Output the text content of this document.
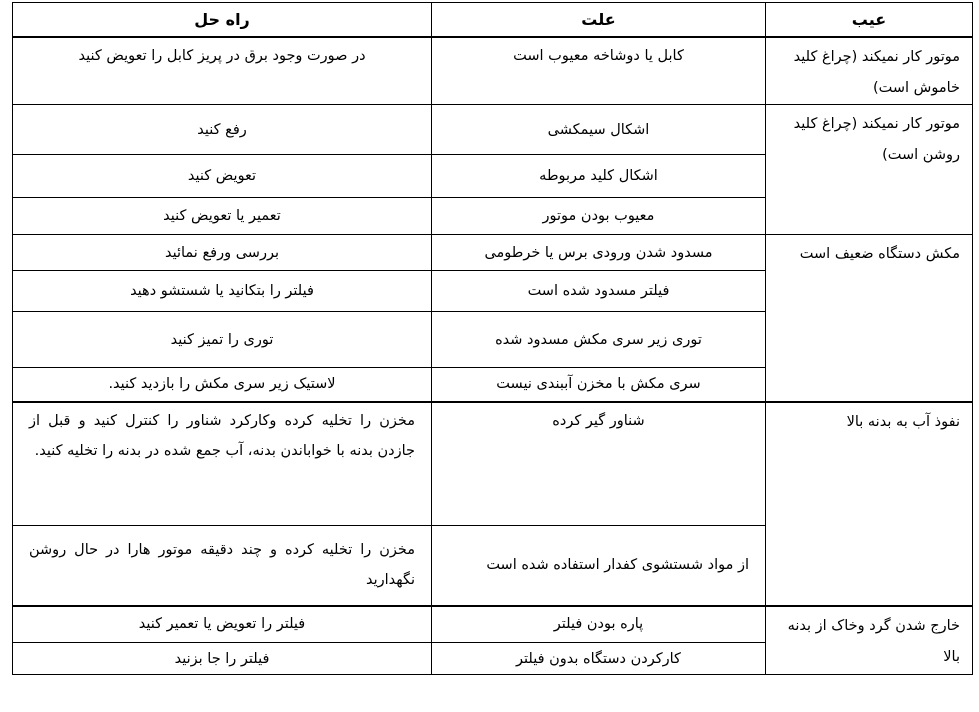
عیب	علت	راه حل
موتور کار نمیکند (چراغ کلید خاموش است)	کابل یا دوشاخه معیوب است	در صورت وجود برق در پریز کابل را تعویض کنید
موتور کار نمیکند (چراغ کلید روشن است)	اشکال سیمکشی	رفع کنید
	اشکال کلید مربوطه	تعویض کنید
	معیوب بودن موتور	تعمیر یا تعویض کنید
مکش دستگاه ضعیف است	مسدود شدن ورودی برس یا خرطومی	بررسی ورفع نمائید
	فیلتر مسدود شده است	فیلتر را بتکانید یا شستشو دهید
	توری زیر سری مکش مسدود شده	توری را تمیز کنید
	سری مکش با مخزن آببندی نیست	لاستیک زیر سری مکش را بازدید کنید.
نفوذ آب به بدنه بالا	شناور گیر کرده	مخزن را تخلیه کرده وکارکرد شناور را کنترل کنید و قبل از جازدن بدنه با خواباندن بدنه، آب جمع شده در بدنه را تخلیه کنید.
	از مواد شستشوی کفدار استفاده شده است	مخزن را تخلیه کرده و چند دقیقه موتور هارا در حال روشن نگهدارید
خارج شدن گرد وخاک از بدنه بالا	پاره بودن فیلتر	فیلتر را تعویض یا تعمیر کنید
	کارکردن دستگاه بدون فیلتر	فیلتر را جا بزنید
